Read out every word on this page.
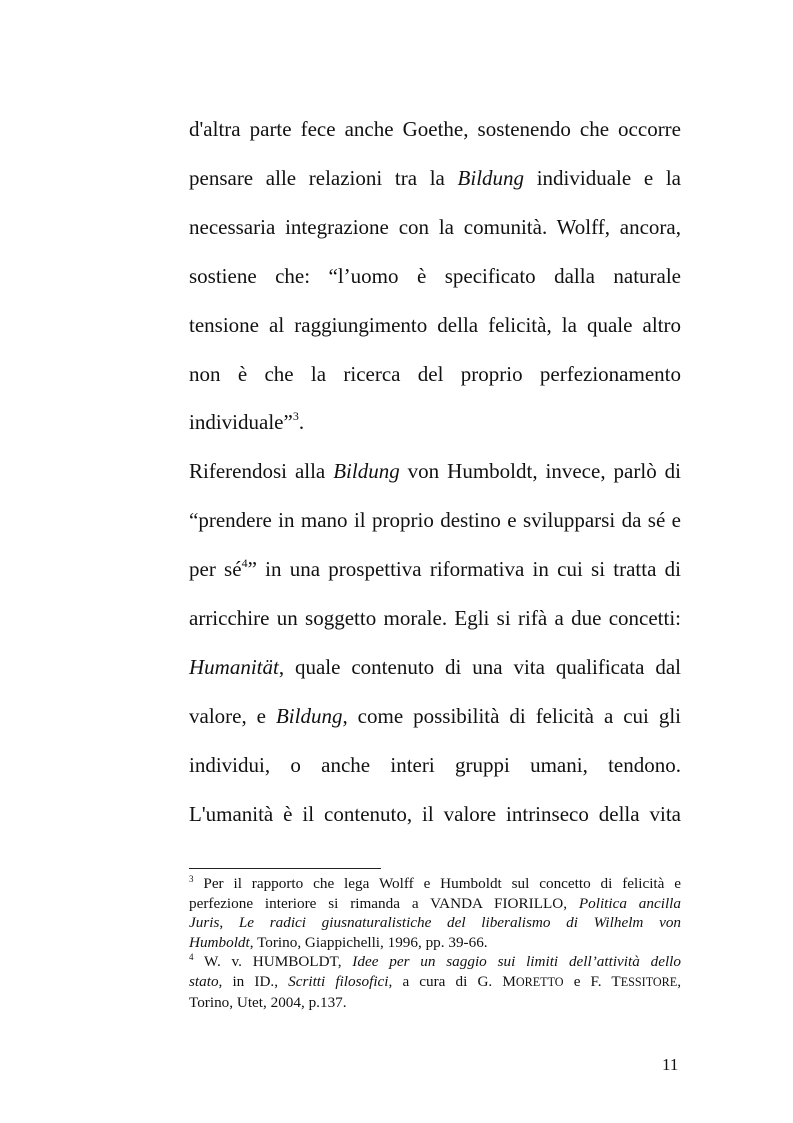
d'altra parte fece anche Goethe, sostenendo che occorre
pensare alle relazioni tra la Bildung individuale e la
necessaria integrazione con la comunità. Wolff, ancora,
sostiene che: “l’uomo è specificato dalla naturale
tensione al raggiungimento della felicità, la quale altro
non è che la ricerca del proprio perfezionamento
individuale”$^3$.
Riferendosi alla Bildung von Humboldt, invece, parlò di
“prendere in mano il proprio destino e svilupparsi da sé e
per $sé^4$” in una prospettiva riformativa in cui si tratta di
arricchire un soggetto morale. Egli si rifà a due concetti:
Humanität, quale contenuto di una vita qualificata dal
valore, e Bildung, come possibilità di felicità a cui gli
individui, o anche interi gruppi umani, tendono.
L'umanità è il contenuto, il valore intrinseco della vita
$^3$ Per il rapporto che lega Wolff e Humboldt sul concetto di felicità e
perfezione interiore si rimanda a VANDA FIORILLO, Politica ancilla
Juris, Le radici giusnaturalistiche del liberalismo di Wilhelm von
Humboldt, Torino, Giappichelli, 1996, pp. 39-66.
$^4$ W. v. HUMBOLDT, Idee per un saggio sui limiti dell’attività dello
stato, in ID., Scritti filosofici, a cura di G. MORETTO e F. TESSITORE,
Torino, Utet, 2004, p.137.
11
